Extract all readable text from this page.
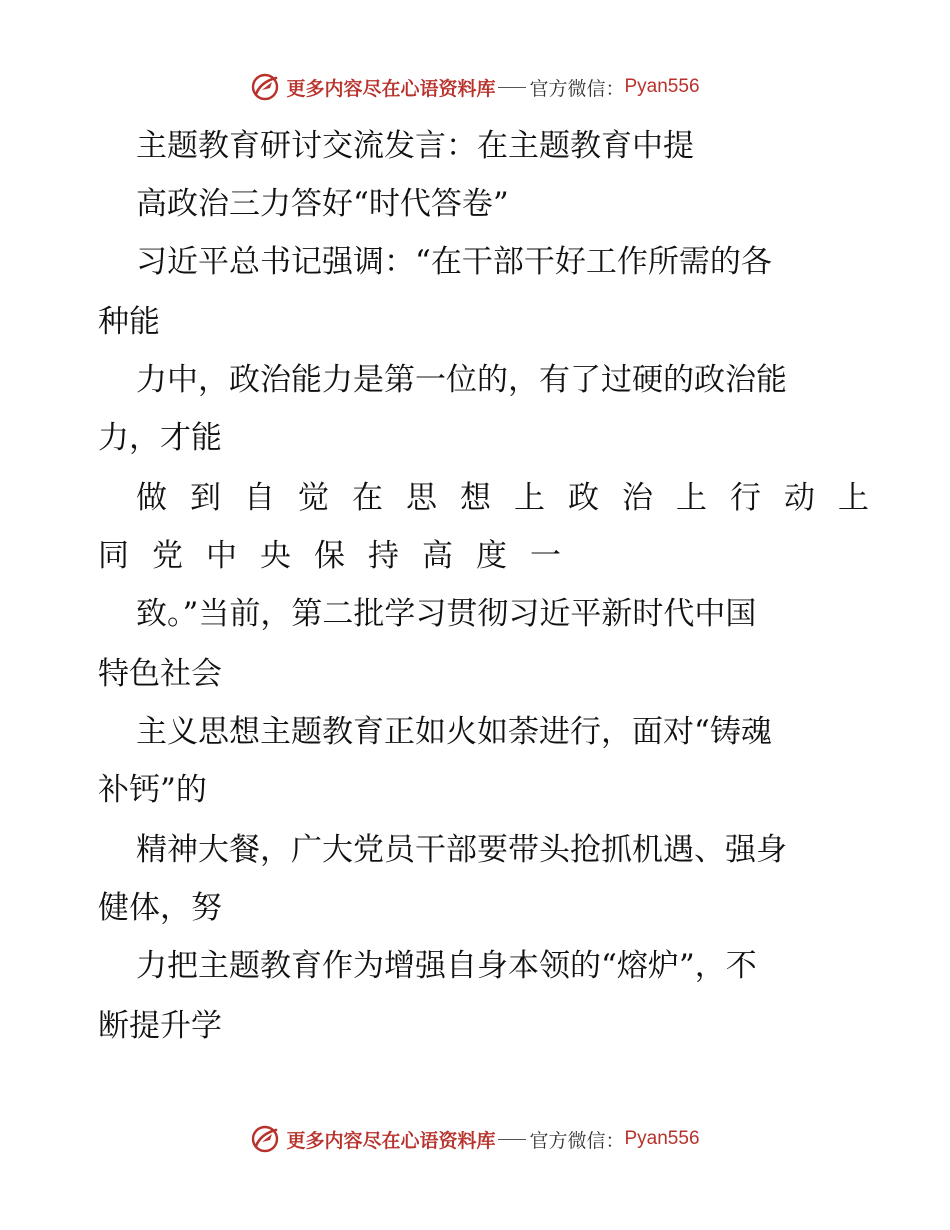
更多内容尽在心语资料库 官方微信： Pyan556
主题教育研讨交流发言：在主题教育中提
高政治三力答好“时代答卷”
习近平总书记强调：“在干部干好工作所需的各
种能
力中，政治能力是第一位的，有了过硬的政治能
力，才能
做到自觉在思想上政治上行动上
同党中央保持高度一
致。”当前，第二批学习贯彻习近平新时代中国
特色社会
主义思想主题教育正如火如荼进行，面对“铸魂
补钙”的
精神大餐，广大党员干部要带头抢抓机遇、强身
健体，努
力把主题教育作为增强自身本领的“熔炉”，不
断提升学
更多内容尽在心语资料库 官方微信： Pyan556
